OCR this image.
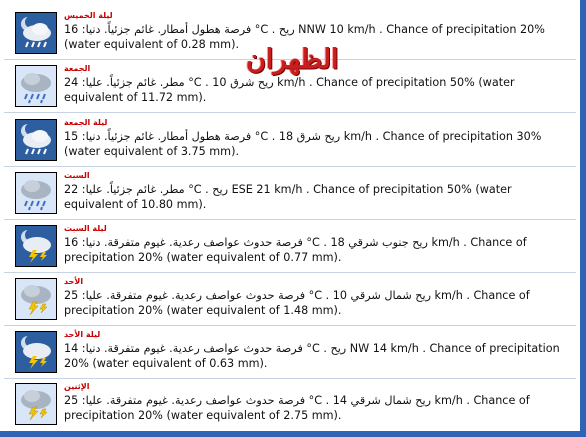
الظهران
ليلة الخميس
16 :فرصة هطول أمطار. غائم جزئياً. دنيا °C . ريح NNW 10 km/h . Chance of precipitation 20% (water equivalent of 0.28 mm).
الجمعة
24 :مطر. غائم جزئياً. عليا °C . 10 ريح شرق km/h . Chance of precipitation 50% (water equivalent of 11.72 mm).
ليلة الجمعة
15 :فرصة هطول أمطار. غائم جزئياً. دنيا °C . 18 ريح شرق km/h . Chance of precipitation 30% (water equivalent of 3.75 mm).
السبت
22 :مطر. غائم جزئياً. عليا °C . ريح ESE 21 km/h . Chance of precipitation 50% (water equivalent of 10.80 mm).
ليلة السبت
16 :فرصة حدوث عواصف رعدية. غيوم متفرقة. دنيا °C . 18 ريح جنوب شرقي km/h . Chance of precipitation 20% (water equivalent of 0.77 mm).
الأحد
25 :فرصة حدوث عواصف رعدية. غيوم متفرقة. عليا °C . 10 ريح شمال شرقي km/h . Chance of precipitation 20% (water equivalent of 1.48 mm).
ليلة الأحد
14 :فرصة حدوث عواصف رعدية. غيوم متفرقة. دنيا °C . ريح NW 14 km/h . Chance of precipitation 20% (water equivalent of 0.63 mm).
الإثنين
25 :فرصة حدوث عواصف رعدية. غيوم متفرقة. عليا °C . 14 ريح شمال شرقي km/h . Chance of precipitation 20% (water equivalent of 2.75 mm).
